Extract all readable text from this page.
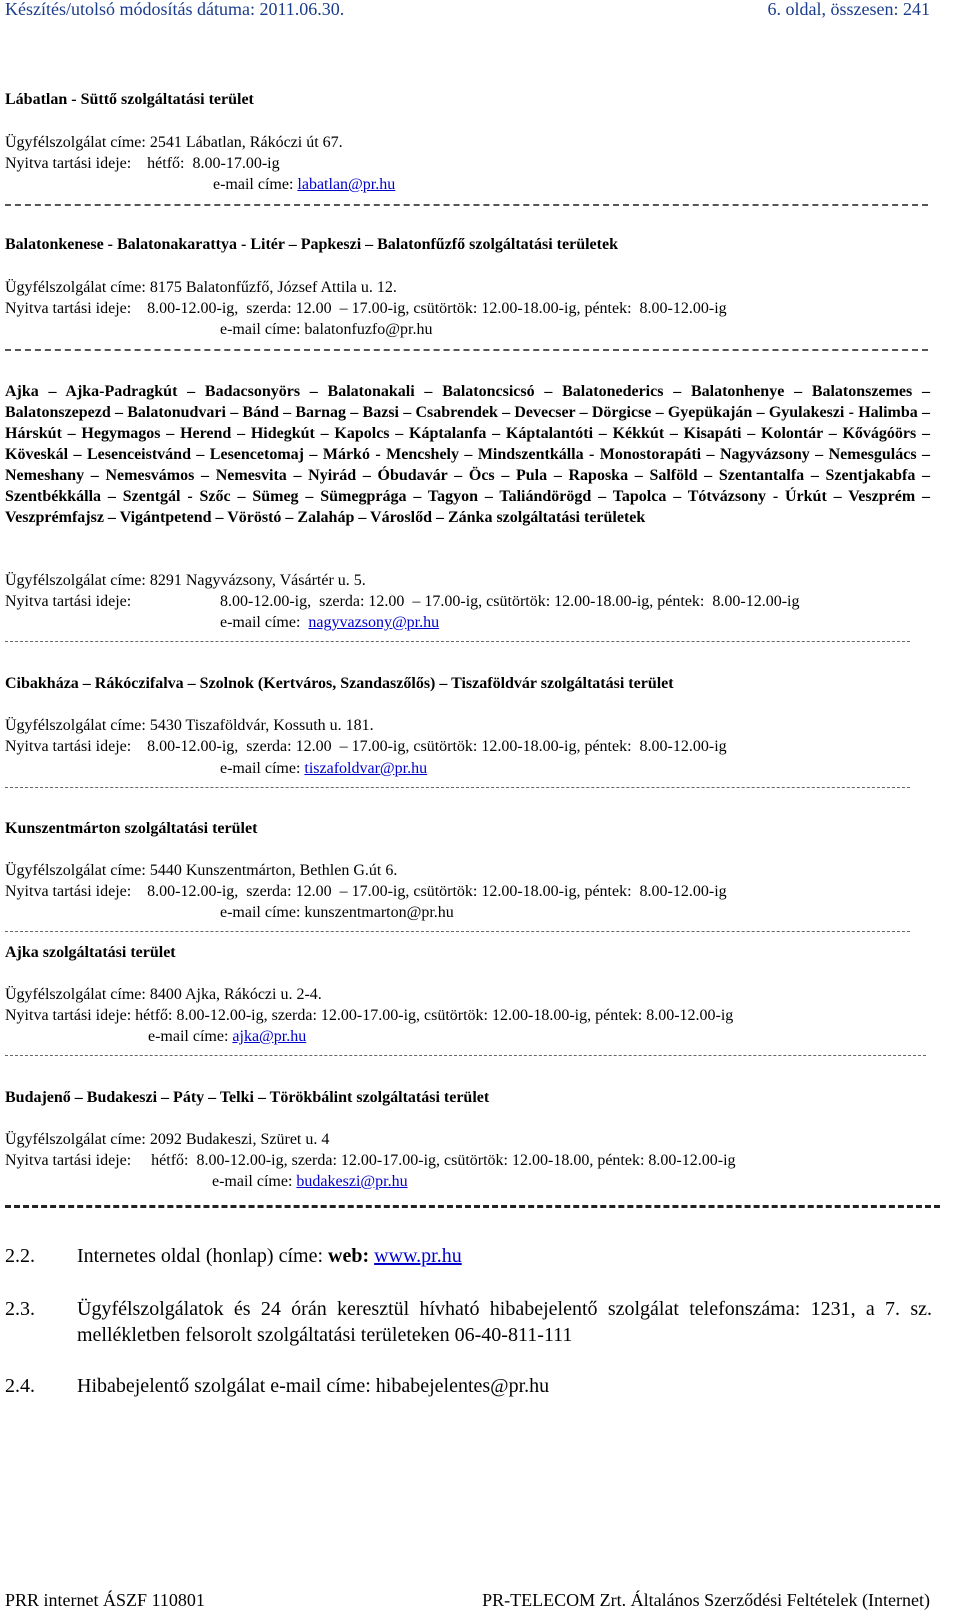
Készítés/utolsó módosítás dátuma: 2011.06.30.	6. oldal, összesen: 241
Lábatlan - Süttő szolgáltatási terület
Ügyfélszolgálat címe: 2541 Lábatlan, Rákóczi út 67.
Nyitva tartási ideje:    hétfő:  8.00-17.00-ig
e-mail címe: labatlan@pr.hu
Balatonkenese - Balatonakarattya - Litér – Papkeszi – Balatonfűzfő szolgáltatási területek
Ügyfélszolgálat címe: 8175 Balatonfűzfő, József Attila u. 12.
Nyitva tartási ideje:    8.00-12.00-ig,  szerda: 12.00  – 17.00-ig, csütörtök: 12.00-18.00-ig, péntek:  8.00-12.00-ig
e-mail címe: balatonfuzfo@pr.hu
Ajka – Ajka-Padragkút – Badacsonyörs – Balatonakali – Balatoncsicsó – Balatonederics – Balatonhenye – Balatonszemes – Balatonszepezd – Balatonudvari – Bánd – Barnag – Bazsi – Csabrendek – Devecser – Dörgicse – Gyepükaján – Gyulakeszi - Halimba – Hárskút – Hegymagos – Herend – Hidegkút – Kapolcs – Káptalanfa – Káptalantóti – Kékkút – Kisapáti – Kolontár – Kővágóörs – Köveskál – Lesenceistvánd – Lesencetomaj – Márkó - Mencshely – Mindszentkálla - Monostorapáti – Nagyvázsony – Nemesgulács – Nemeshany – Nemesvámos – Nemesvita – Nyirád – Óbudavár – Öcs – Pula – Raposka – Salföld – Szentantalfa – Szentjakabfa – Szentbékkálla – Szentgál - Szőc – Sümeg – Sümegprága – Tagyon – Taliándörögd – Tapolca – Tótvázsony - Úrkút – Veszprém – Veszprémfajsz – Vigántpetend – Vöröstó – Zalaháp – Városlőd – Zánka szolgáltatási területek
Ügyfélszolgálat címe: 8291 Nagyvázsony, Vásártér u. 5.
Nyitva tartási ideje:	8.00-12.00-ig,  szerda: 12.00  – 17.00-ig, csütörtök: 12.00-18.00-ig, péntek:  8.00-12.00-ig
e-mail címe:  nagyvazsony@pr.hu
Cibakháza – Rákóczifalva – Szolnok (Kertváros, Szandaszőlős) – Tiszaföldvár szolgáltatási terület
Ügyfélszolgálat címe: 5430 Tiszaföldvár, Kossuth u. 181.
Nyitva tartási ideje:    8.00-12.00-ig,  szerda: 12.00  – 17.00-ig, csütörtök: 12.00-18.00-ig, péntek:  8.00-12.00-ig
e-mail címe: tiszafoldvar@pr.hu
Kunszentmárton szolgáltatási terület
Ügyfélszolgálat címe: 5440 Kunszentmárton, Bethlen G.út 6.
Nyitva tartási ideje:    8.00-12.00-ig,  szerda: 12.00  – 17.00-ig, csütörtök: 12.00-18.00-ig, péntek:  8.00-12.00-ig
e-mail címe: kunszentmarton@pr.hu
Ajka szolgáltatási terület
Ügyfélszolgálat címe: 8400 Ajka, Rákóczi u. 2-4.
Nyitva tartási ideje: hétfő: 8.00-12.00-ig, szerda: 12.00-17.00-ig, csütörtök: 12.00-18.00-ig, péntek: 8.00-12.00-ig
e-mail címe: ajka@pr.hu
Budajenő – Budakeszi – Páty – Telki – Törökbálint szolgáltatási terület
Ügyfélszolgálat címe: 2092 Budakeszi, Szüret u. 4
Nyitva tartási ideje:     hétfő:  8.00-12.00-ig, szerda: 12.00-17.00-ig, csütörtök: 12.00-18.00, péntek: 8.00-12.00-ig
e-mail címe: budakeszi@pr.hu
2.2. Internetes oldal (honlap) címe: web: www.pr.hu
2.3. Ügyfélszolgálatok és 24 órán keresztül hívható hibabejelentő szolgálat telefonszáma: 1231, a 7. sz. mellékletben felsorolt szolgáltatási területeken 06-40-811-111
2.4. Hibabejelentő szolgálat e-mail címe: hibabejelentes@pr.hu
PRR internet ÁSZF 110801	PR-TELECOM Zrt. Általános Szerződési Feltételek (Internet)
